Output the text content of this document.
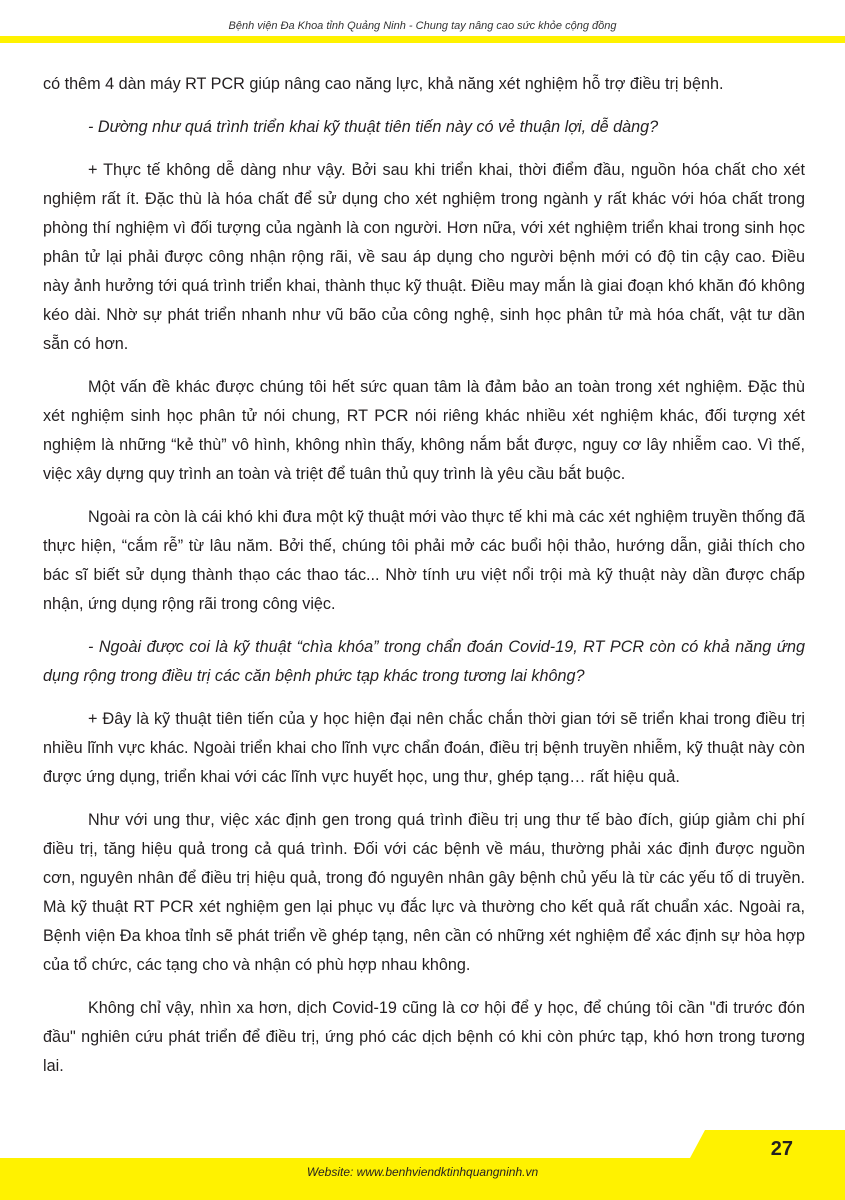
Bệnh viện Đa Khoa tỉnh Quảng Ninh - Chung tay nâng cao sức khỏe cộng đồng

có thêm 4 dàn máy RT PCR giúp nâng cao năng lực, khả năng xét nghiệm hỗ trợ điều trị bệnh.

- Dường như quá trình triển khai kỹ thuật tiên tiến này có vẻ thuận lợi, dễ dàng?

+ Thực tế không dễ dàng như vậy. Bởi sau khi triển khai, thời điểm đầu, nguồn hóa chất cho xét nghiệm rất ít. Đặc thù là hóa chất để sử dụng cho xét nghiệm trong ngành y rất khác với hóa chất trong phòng thí nghiệm vì đối tượng của ngành là con người. Hơn nữa, với xét nghiệm triển khai trong sinh học phân tử lại phải được công nhận rộng rãi, về sau áp dụng cho người bệnh mới có độ tin cậy cao. Điều này ảnh hưởng tới quá trình triển khai, thành thục kỹ thuật. Điều may mắn là giai đoạn khó khăn đó không kéo dài. Nhờ sự phát triển nhanh như vũ bão của công nghệ, sinh học phân tử mà hóa chất, vật tư dần sẵn có hơn.

Một vấn đề khác được chúng tôi hết sức quan tâm là đảm bảo an toàn trong xét nghiệm. Đặc thù xét nghiệm sinh học phân tử nói chung, RT PCR nói riêng khác nhiều xét nghiệm khác, đối tượng xét nghiệm là những “kẻ thù” vô hình, không nhìn thấy, không nắm bắt được, nguy cơ lây nhiễm cao. Vì thế, việc xây dựng quy trình an toàn và triệt để tuân thủ quy trình là yêu cầu bắt buộc.

Ngoài ra còn là cái khó khi đưa một kỹ thuật mới vào thực tế khi mà các xét nghiệm truyền thống đã thực hiện, “cắm rễ” từ lâu năm. Bởi thế, chúng tôi phải mở các buổi hội thảo, hướng dẫn, giải thích cho bác sĩ biết sử dụng thành thạo các thao tác... Nhờ tính ưu việt nổi trội mà kỹ thuật này dần được chấp nhận, ứng dụng rộng rãi trong công việc.

- Ngoài được coi là kỹ thuật “chìa khóa” trong chẩn đoán Covid-19, RT PCR còn có khả năng ứng dụng rộng trong điều trị các căn bệnh phức tạp khác trong tương lai không?

+ Đây là kỹ thuật tiên tiến của y học hiện đại nên chắc chắn thời gian tới sẽ triển khai trong điều trị nhiều lĩnh vực khác. Ngoài triển khai cho lĩnh vực chẩn đoán, điều trị bệnh truyền nhiễm, kỹ thuật này còn được ứng dụng, triển khai với các lĩnh vực huyết học, ung thư, ghép tạng… rất hiệu quả.

Như với ung thư, việc xác định gen trong quá trình điều trị ung thư tế bào đích, giúp giảm chi phí điều trị, tăng hiệu quả trong cả quá trình. Đối với các bệnh về máu, thường phải xác định được nguồn cơn, nguyên nhân để điều trị hiệu quả, trong đó nguyên nhân gây bệnh chủ yếu là từ các yếu tố di truyền. Mà kỹ thuật RT PCR xét nghiệm gen lại phục vụ đắc lực và thường cho kết quả rất chuẩn xác. Ngoài ra, Bệnh viện Đa khoa tỉnh sẽ phát triển về ghép tạng, nên cần có những xét nghiệm để xác định sự hòa hợp của tổ chức, các tạng cho và nhận có phù hợp nhau không.

Không chỉ vậy, nhìn xa hơn, dịch Covid-19 cũng là cơ hội để y học, để chúng tôi cần "đi trước đón đầu" nghiên cứu phát triển để điều trị, ứng phó các dịch bệnh có khi còn phức tạp, khó hơn trong tương lai.

Website: www.benhviendktinhquangninh.vn
27
